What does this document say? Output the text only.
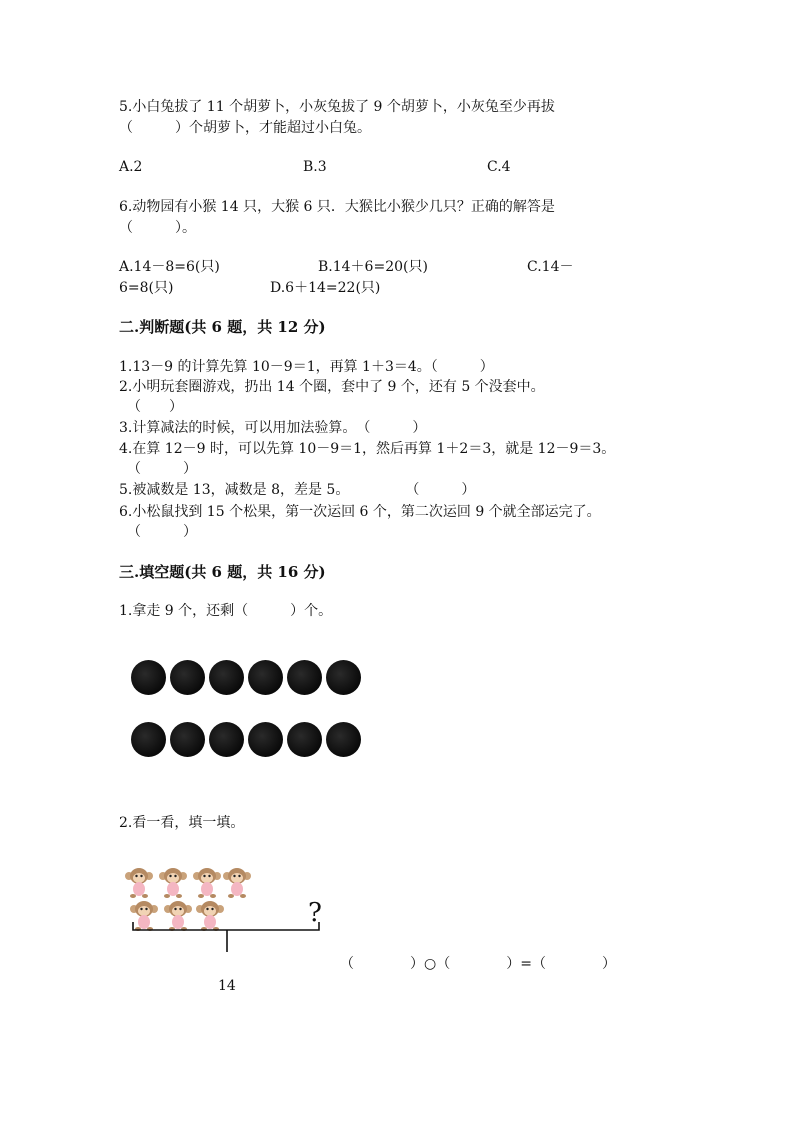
5.小白兔拔了 11 个胡萝卜，小灰兔拔了 9 个胡萝卜，小灰兔至少再拔
（　　　）个胡萝卜，才能超过小白兔。
A.2	B.3	C.4
6.动物园有小猴 14 只，大猴 6 只．大猴比小猴少几只？正确的解答是
（　　　）。
A.14－8=6(只)	B.14＋6=20(只)	C.14－
6=8(只)	D.6＋14=22(只)
二.判断题(共 6 题，共 12 分)
1.13－9 的计算先算 10－9＝1，再算 1＋3＝4。（　　　）
2.小明玩套圈游戏，扔出 14 个圈，套中了 9 个，还有 5 个没套中。
（　　）
3.计算减法的时候，可以用加法验算。　（　　　）
4.在算 12－9 时，可以先算 10－9＝1，然后再算 1＋2＝3，就是 12－9＝3。
（　　　）
5.被减数是 13，减数是 8，差是 5。　　　　　（　　　）
6.小松鼠找到 15 个松果，第一次运回 6 个，第二次运回 9 个就全部运完了。
（　　　）
三.填空题(共 6 题，共 16 分)
1.拿走 9 个，还剩（　　　）个。
2.看一看，填一填。
?
14
（　　　　）○（　　　　）=（　　　　）
